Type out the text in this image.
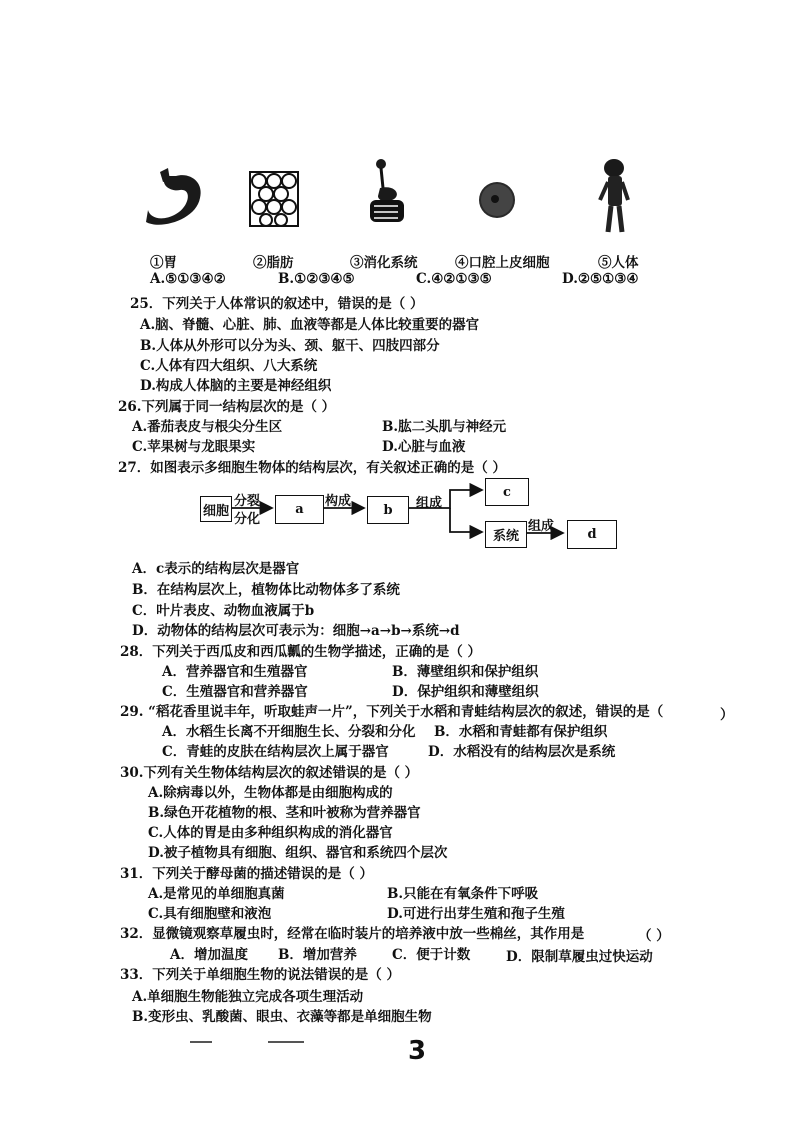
①胃	②脂肪	③消化系统	④口腔上皮细胞	⑤人体
A.⑤①③④②	B.①②③④⑤	C.④②①③⑤	D.②⑤①③④
25．下列关于人体常识的叙述中，错误的是（ ）
A.脑、脊髓、心脏、肺、血液等都是人体比较重要的器官
B.人体从外形可以分为头、颈、躯干、四肢四部分
C.人体有四大组织、八大系统
D.构成人体脑的主要是神经组织
26.下列属于同一结构层次的是（ ）
A.番茄表皮与根尖分生区	B.肱二头肌与神经元
C.苹果树与龙眼果实	D.心脏与血液
27．如图表示多细胞生物体的结构层次，有关叙述正确的是（ ）
细胞
分裂
分化
a
构成
b	组成
c
系统
组成
d
A．c表示的结构层次是器官
B．在结构层次上，植物体比动物体多了系统
C．叶片表皮、动物血液属于b
D．动物体的结构层次可表示为：细胞→a→b→系统→d
28．下列关于西瓜皮和西瓜瓤的生物学描述，正确的是（ ）
A．营养器官和生殖器官	B．薄壁组织和保护组织
C．生殖器官和营养器官	D．保护组织和薄壁组织
29. “稻花香里说丰年，听取蛙声一片”，下列关于水稻和青蛙结构层次的叙述，错误的是（	）
A．水稻生长离不开细胞生长、分裂和分化 B．水稻和青蛙都有保护组织
C．青蛙的皮肤在结构层次上属于器官	D．水稻没有的结构层次是系统
30.下列有关生物体结构层次的叙述错误的是（ ）
A.除病毒以外，生物体都是由细胞构成的
B.绿色开花植物的根、茎和叶被称为营养器官
C.人体的胃是由多种组织构成的消化器官
D.被子植物具有细胞、组织、器官和系统四个层次
31．下列关于酵母菌的描述错误的是（ ）
A.是常见的单细胞真菌	B.只能在有氧条件下呼吸
C.具有细胞壁和液泡	D.可进行出芽生殖和孢子生殖
32．显微镜观察草履虫时，经常在临时装片的培养液中放一些棉丝，其作用是	（ ）
A．增加温度 B．增加营养	C．便于计数	D．限制草履虫过快运动
33．下列关于单细胞生物的说法错误的是（ ）
A.单细胞生物能独立完成各项生理活动
B.变形虫、乳酸菌、眼虫、衣藻等都是单细胞生物
3
